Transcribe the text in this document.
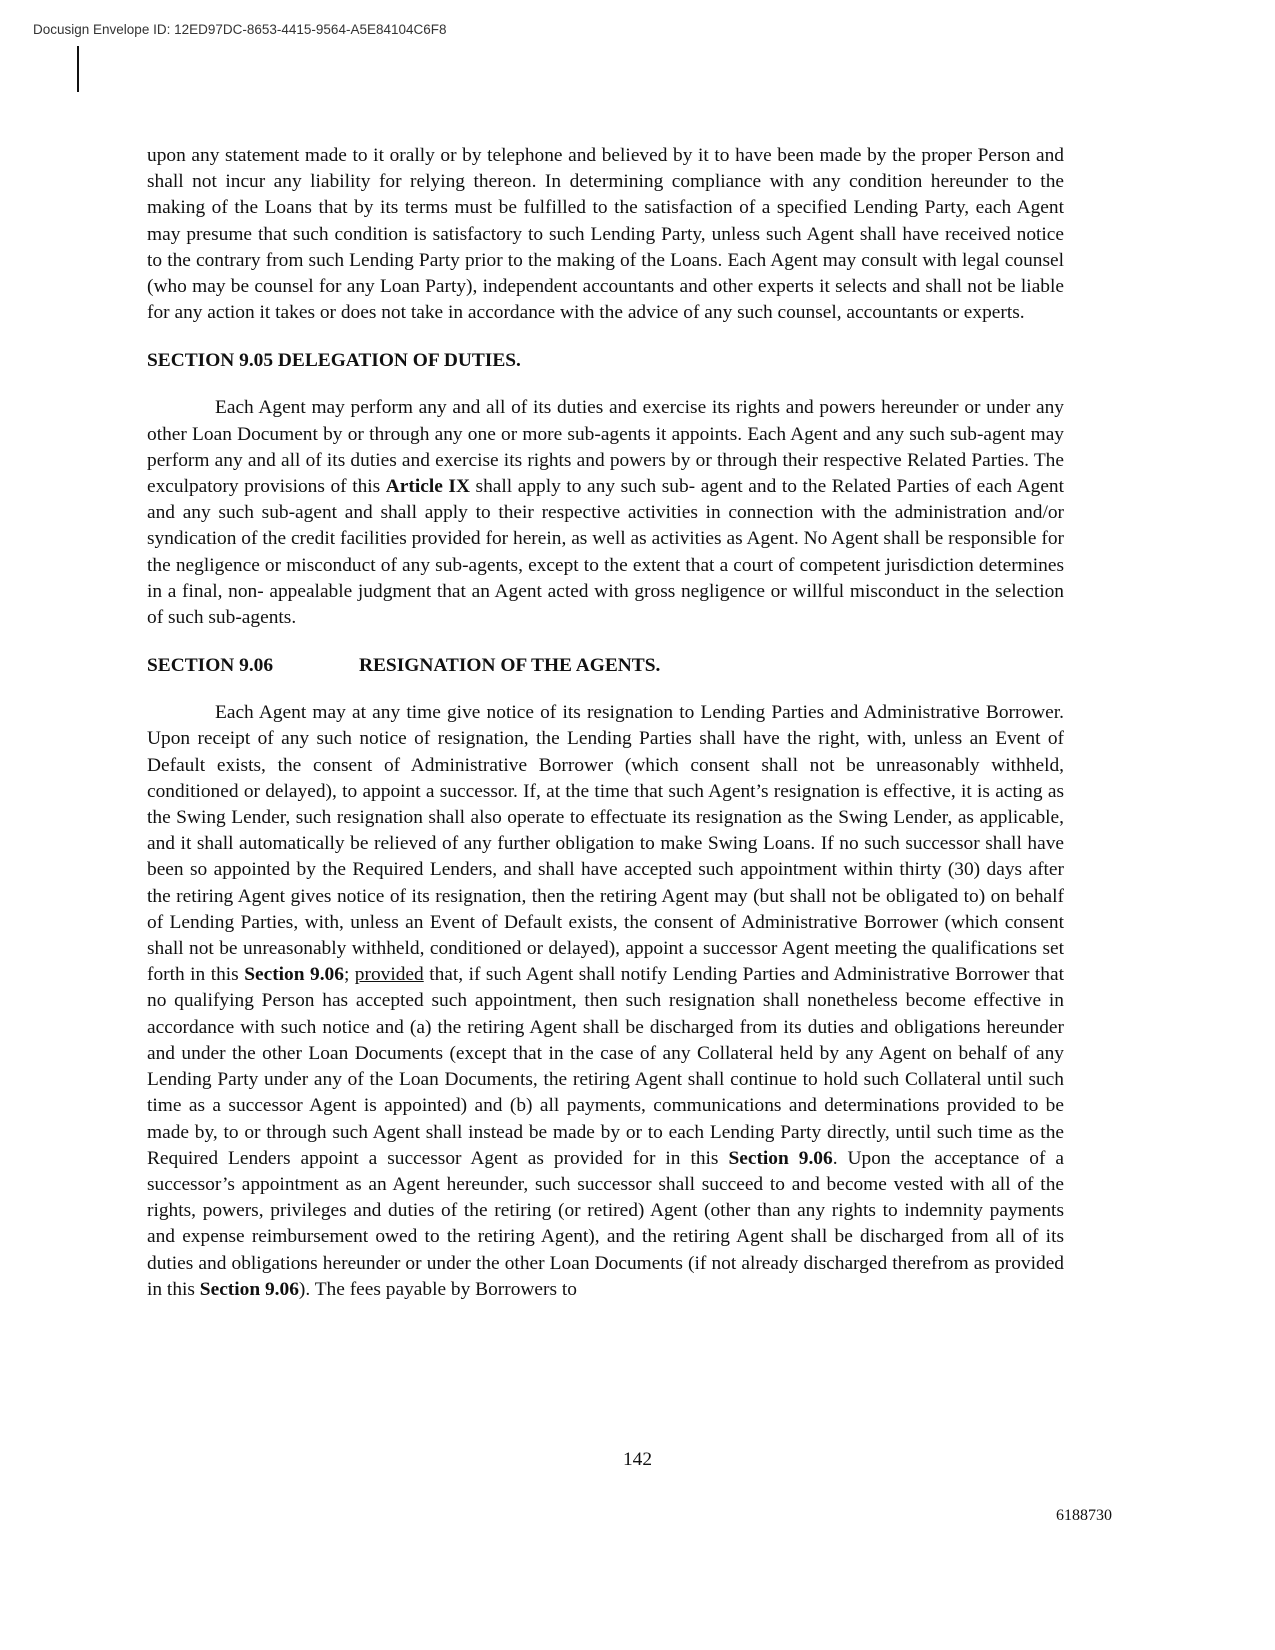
Docusign Envelope ID: 12ED97DC-8653-4415-9564-A5E84104C6F8

upon any statement made to it orally or by telephone and believed by it to have been made by the proper Person and shall not incur any liability for relying thereon. In determining compliance with any condition hereunder to the making of the Loans that by its terms must be fulfilled to the satisfaction of a specified Lending Party, each Agent may presume that such condition is satisfactory to such Lending Party, unless such Agent shall have received notice to the contrary from such Lending Party prior to the making of the Loans. Each Agent may consult with legal counsel (who may be counsel for any Loan Party), independent accountants and other experts it selects and shall not be liable for any action it takes or does not take in accordance with the advice of any such counsel, accountants or experts.

SECTION 9.05 DELEGATION OF DUTIES.

Each Agent may perform any and all of its duties and exercise its rights and powers hereunder or under any other Loan Document by or through any one or more sub-agents it appoints. Each Agent and any such sub-agent may perform any and all of its duties and exercise its rights and powers by or through their respective Related Parties. The exculpatory provisions of this Article IX shall apply to any such sub- agent and to the Related Parties of each Agent and any such sub-agent and shall apply to their respective activities in connection with the administration and/or syndication of the credit facilities provided for herein, as well as activities as Agent. No Agent shall be responsible for the negligence or misconduct of any sub-agents, except to the extent that a court of competent jurisdiction determines in a final, non- appealable judgment that an Agent acted with gross negligence or willful misconduct in the selection of such sub-agents.

SECTION 9.06	RESIGNATION OF THE AGENTS.

Each Agent may at any time give notice of its resignation to Lending Parties and Administrative Borrower. Upon receipt of any such notice of resignation, the Lending Parties shall have the right, with, unless an Event of Default exists, the consent of Administrative Borrower (which consent shall not be unreasonably withheld, conditioned or delayed), to appoint a successor. If, at the time that such Agent’s resignation is effective, it is acting as the Swing Lender, such resignation shall also operate to effectuate its resignation as the Swing Lender, as applicable, and it shall automatically be relieved of any further obligation to make Swing Loans. If no such successor shall have been so appointed by the Required Lenders, and shall have accepted such appointment within thirty (30) days after the retiring Agent gives notice of its resignation, then the retiring Agent may (but shall not be obligated to) on behalf of Lending Parties, with, unless an Event of Default exists, the consent of Administrative Borrower (which consent shall not be unreasonably withheld, conditioned or delayed), appoint a successor Agent meeting the qualifications set forth in this Section 9.06; provided that, if such Agent shall notify Lending Parties and Administrative Borrower that no qualifying Person has accepted such appointment, then such resignation shall nonetheless become effective in accordance with such notice and (a) the retiring Agent shall be discharged from its duties and obligations hereunder and under the other Loan Documents (except that in the case of any Collateral held by any Agent on behalf of any Lending Party under any of the Loan Documents, the retiring Agent shall continue to hold such Collateral until such time as a successor Agent is appointed) and (b) all payments, communications and determinations provided to be made by, to or through such Agent shall instead be made by or to each Lending Party directly, until such time as the Required Lenders appoint a successor Agent as provided for in this Section 9.06. Upon the acceptance of a successor’s appointment as an Agent hereunder, such successor shall succeed to and become vested with all of the rights, powers, privileges and duties of the retiring (or retired) Agent (other than any rights to indemnity payments and expense reimbursement owed to the retiring Agent), and the retiring Agent shall be discharged from all of its duties and obligations hereunder or under the other Loan Documents (if not already discharged therefrom as provided in this Section 9.06). The fees payable by Borrowers to

142
6188730
